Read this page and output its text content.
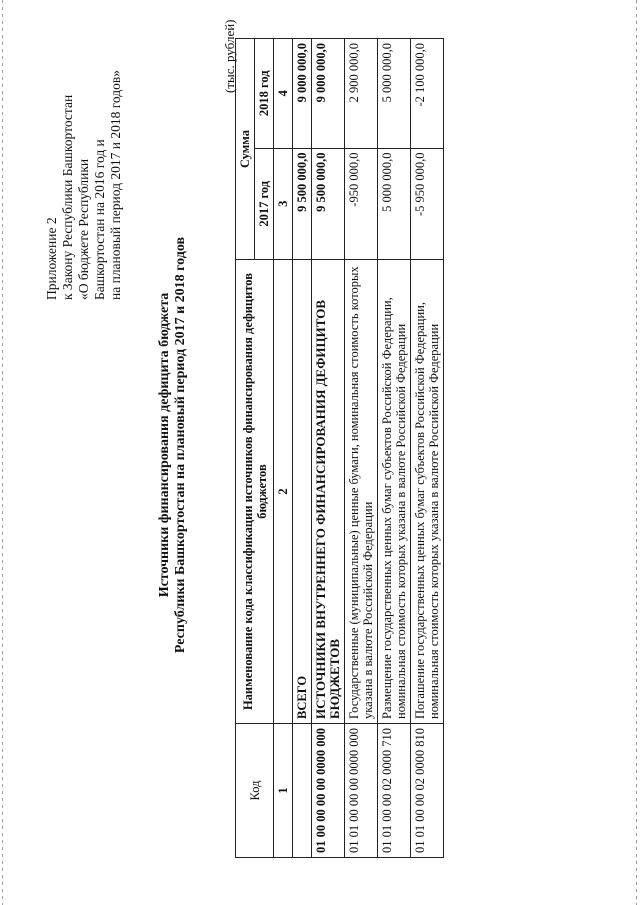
Приложение 2 к Закону Республики Башкортостан «О бюджете Республики Башкортостан на 2016 год и на плановый период 2017 и 2018 годов»
Источники финансирования дефицита бюджета Республики Башкортостан на плановый период 2017 и 2018 годов
(тыс. рублей)
Код	Наименование кода классификации источников финансирования дефицитов бюджетов	Сумма	
		2017 год	2018 год
1	2	3	4
	ВСЕГО	9 500 000,0	9 000 000,0
01 00 00 00 00 0000 000	ИСТОЧНИКИ ВНУТРЕННЕГО ФИНАНСИРОВАНИЯ ДЕФИЦИТОВ БЮДЖЕТОВ	9 500 000,0	9 000 000,0
01 01 00 00 00 0000 000	Государственные (муниципальные) ценные бумаги, номинальная стоимость которых указана в валюте Российской Федерации	-950 000,0	2 900 000,0
01 01 00 00 02 0000 710	Размещение государственных ценных бумаг субъектов Российской Федерации, номинальная стоимость которых указана в валюте Российской Федерации	5 000 000,0	5 000 000,0
01 01 00 00 02 0000 810	Погашение государственных ценных бумаг субъектов Российской Федерации, номинальная стоимость которых указана в валюте Российской Федерации	-5 950 000,0	-2 100 000,0
